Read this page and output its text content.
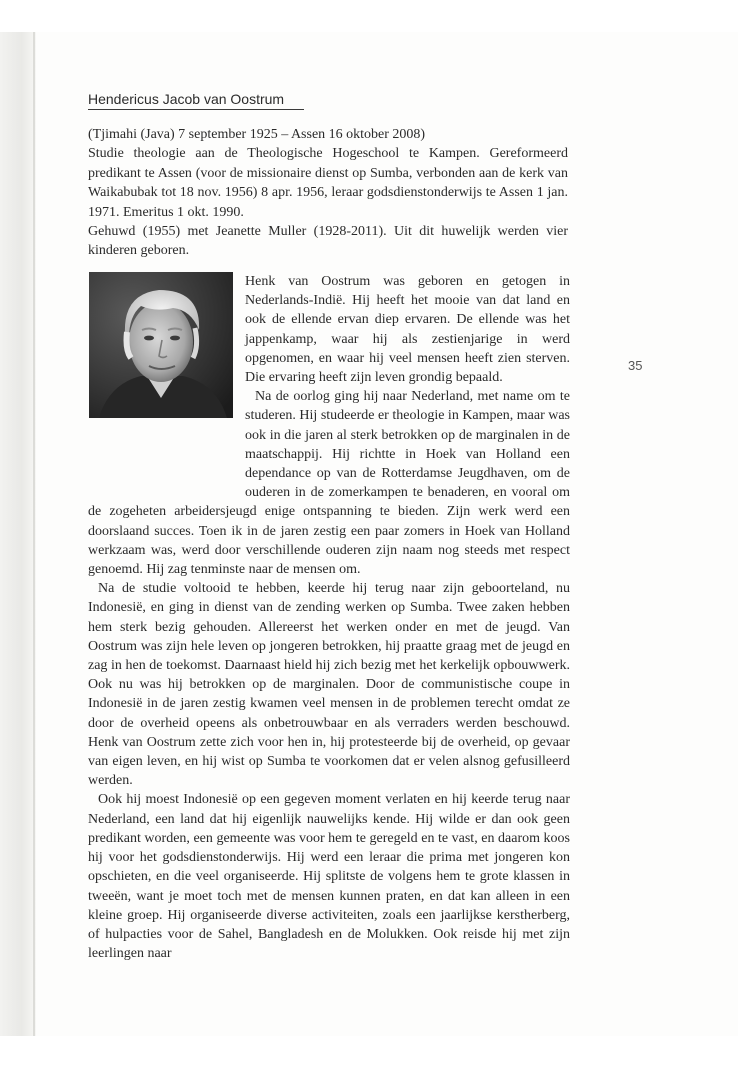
Hendericus Jacob van Oostrum
35

(Tjimahi (Java) 7 september 1925 – Assen 16 oktober 2008)

Studie theologie aan de Theologische Hogeschool te Kampen. Gereformeerd predikant te Assen (voor de missionaire dienst op Sumba, verbonden aan de kerk van Waikabubak tot 18 nov. 1956) 8 apr. 1956, leraar godsdienstonderwijs te Assen 1 jan. 1971. Emeritus 1 okt. 1990.

Gehuwd (1955) met Jeanette Muller (1928-2011). Uit dit huwelijk werden vier kinderen geboren.

Henk van Oostrum was geboren en getogen in Nederlands-Indië. Hij heeft het mooie van dat land en ook de ellende ervan diep ervaren. De ellende was het jappenkamp, waar hij als zestienjarige in werd opgenomen, en waar hij veel mensen heeft zien sterven. Die ervaring heeft zijn leven grondig bepaald.

Na de oorlog ging hij naar Nederland, met name om te studeren. Hij studeerde er theologie in Kampen, maar was ook in die jaren al sterk betrokken op de marginalen in de maatschappij. Hij richtte in Hoek van Holland een dependance op van de Rotterdamse Jeugdhaven, om de ouderen in de zomerkampen te benaderen, en vooral om de zogeheten arbeidersjeugd enige ontspanning te bieden. Zijn werk werd een doorslaand succes. Toen ik in de jaren zestig een paar zomers in Hoek van Holland werkzaam was, werd door verschillende ouderen zijn naam nog steeds met respect genoemd. Hij zag tenminste naar de mensen om.

Na de studie voltooid te hebben, keerde hij terug naar zijn geboorteland, nu Indonesië, en ging in dienst van de zending werken op Sumba. Twee zaken hebben hem sterk bezig gehouden. Allereerst het werken onder en met de jeugd. Van Oostrum was zijn hele leven op jongeren betrokken, hij praatte graag met de jeugd en zag in hen de toekomst. Daarnaast hield hij zich bezig met het kerkelijk opbouwwerk. Ook nu was hij betrokken op de marginalen. Door de communistische coupe in Indonesië in de jaren zestig kwamen veel mensen in de problemen terecht omdat ze door de overheid opeens als onbetrouwbaar en als verraders werden beschouwd. Henk van Oostrum zette zich voor hen in, hij protesteerde bij de overheid, op gevaar van eigen leven, en hij wist op Sumba te voorkomen dat er velen alsnog gefusilleerd werden.

Ook hij moest Indonesië op een gegeven moment verlaten en hij keerde terug naar Nederland, een land dat hij eigenlijk nauwelijks kende. Hij wilde er dan ook geen predikant worden, een gemeente was voor hem te geregeld en te vast, en daarom koos hij voor het godsdienstonderwijs. Hij werd een leraar die prima met jongeren kon opschieten, en die veel organiseerde. Hij splitste de volgens hem te grote klassen in tweeën, want je moet toch met de mensen kunnen praten, en dat kan alleen in een kleine groep. Hij organiseerde diverse activiteiten, zoals een jaarlijkse kerstherberg, of hulpacties voor de Sahel, Bangladesh en de Molukken. Ook reisde hij met zijn leerlingen naar
